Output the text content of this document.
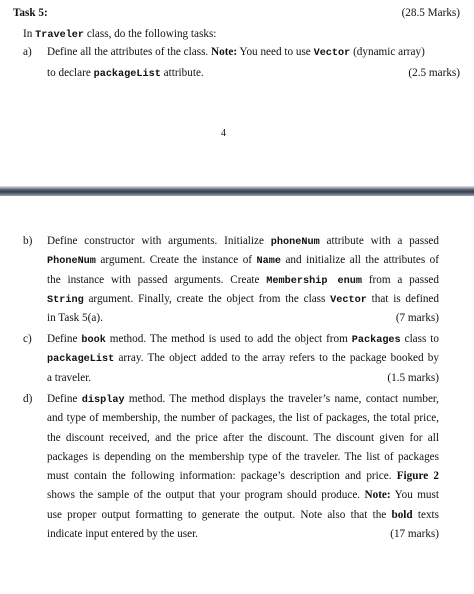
Task 5:	(28.5 Marks)
In Traveler class, do the following tasks:
a) Define all the attributes of the class. Note: You need to use Vector (dynamic array)
to declare packageList attribute.	(2.5 marks)
4
b) Define constructor with arguments. Initialize phoneNum attribute with a passed
PhoneNum argument. Create the instance of Name and initialize all the attributes of
the instance with passed arguments. Create Membership enum from a passed
String argument. Finally, create the object from the class Vector that is defined
in Task 5(a).	(7 marks)
c) Define book method. The method is used to add the object from Packages class to
packageList array. The object added to the array refers to the package booked by
a traveler.	(1.5 marks)
d) Define display method. The method displays the traveler’s name, contact number,
and type of membership, the number of packages, the list of packages, the total price,
the discount received, and the price after the discount. The discount given for all
packages is depending on the membership type of the traveler. The list of packages
must contain the following information: package’s description and price. Figure 2
shows the sample of the output that your program should produce. Note: You must
use proper output formatting to generate the output. Note also that the bold texts
indicate input entered by the user.	(17 marks)
